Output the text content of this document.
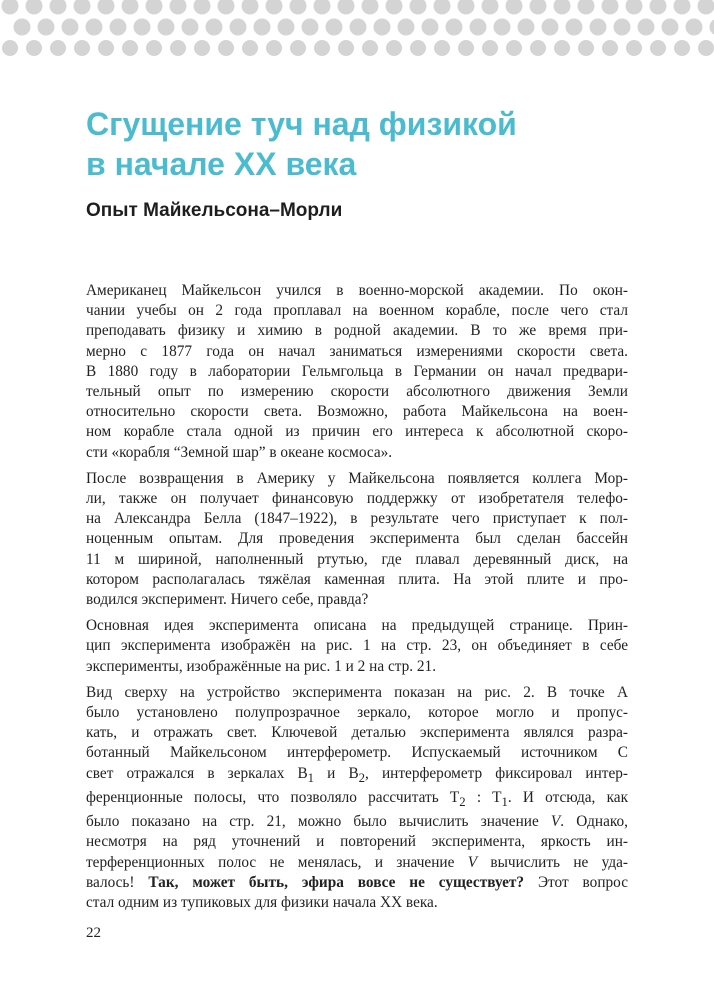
Сгущение туч над физикой
в начале XX века
Опыт Майкельсона–Морли

Американец Майкельсон учился в военно-морской академии. По окон-
чании учебы он 2 года проплавал на военном корабле, после чего стал
преподавать физику и химию в родной академии. В то же время при-
мерно с 1877 года он начал заниматься измерениями скорости света.
В 1880 году в лаборатории Гельмгольца в Германии он начал предвари-
тельный опыт по измерению скорости абсолютного движения Земли
относительно скорости света. Возможно, работа Майкельсона на воен-
ном корабле стала одной из причин его интереса к абсолютной скоро-
сти «корабля “Земной шар” в океане космоса».

После возвращения в Америку у Майкельсона появляется коллега Мор-
ли, также он получает финансовую поддержку от изобретателя телефо-
на Александра Белла (1847–1922), в результате чего приступает к пол-
ноценным опытам. Для проведения эксперимента был сделан бассейн
11 м шириной, наполненный ртутью, где плавал деревянный диск, на
котором располагалась тяжёлая каменная плита. На этой плите и про-
водился эксперимент. Ничего себе, правда?

Основная идея эксперимента описана на предыдущей странице. Прин-
цип эксперимента изображён на рис. 1 на стр. 23, он объединяет в себе
эксперименты, изображённые на рис. 1 и 2 на стр. 21.

Вид сверху на устройство эксперимента показан на рис. 2. В точке A
было установлено полупрозрачное зеркало, которое могло и пропус-
кать, и отражать свет. Ключевой деталью эксперимента являлся разра-
ботанный Майкельсоном интерферометр. Испускаемый источником C
свет отражался в зеркалах $B_1$ и $B_2$, интерферометр фиксировал интер-
ференционные полосы, что позволяло рассчитать $T_2$ : $T_1$. И отсюда, как
было показано на стр. 21, можно было вычислить значение V. Однако,
несмотря на ряд уточнений и повторений эксперимента, яркость ин-
терференционных полос не менялась, и значение V вычислить не уда-
валось! Так, может быть, эфира вовсе не существует? Этот вопрос
стал одним из тупиковых для физики начала XX века.

22
